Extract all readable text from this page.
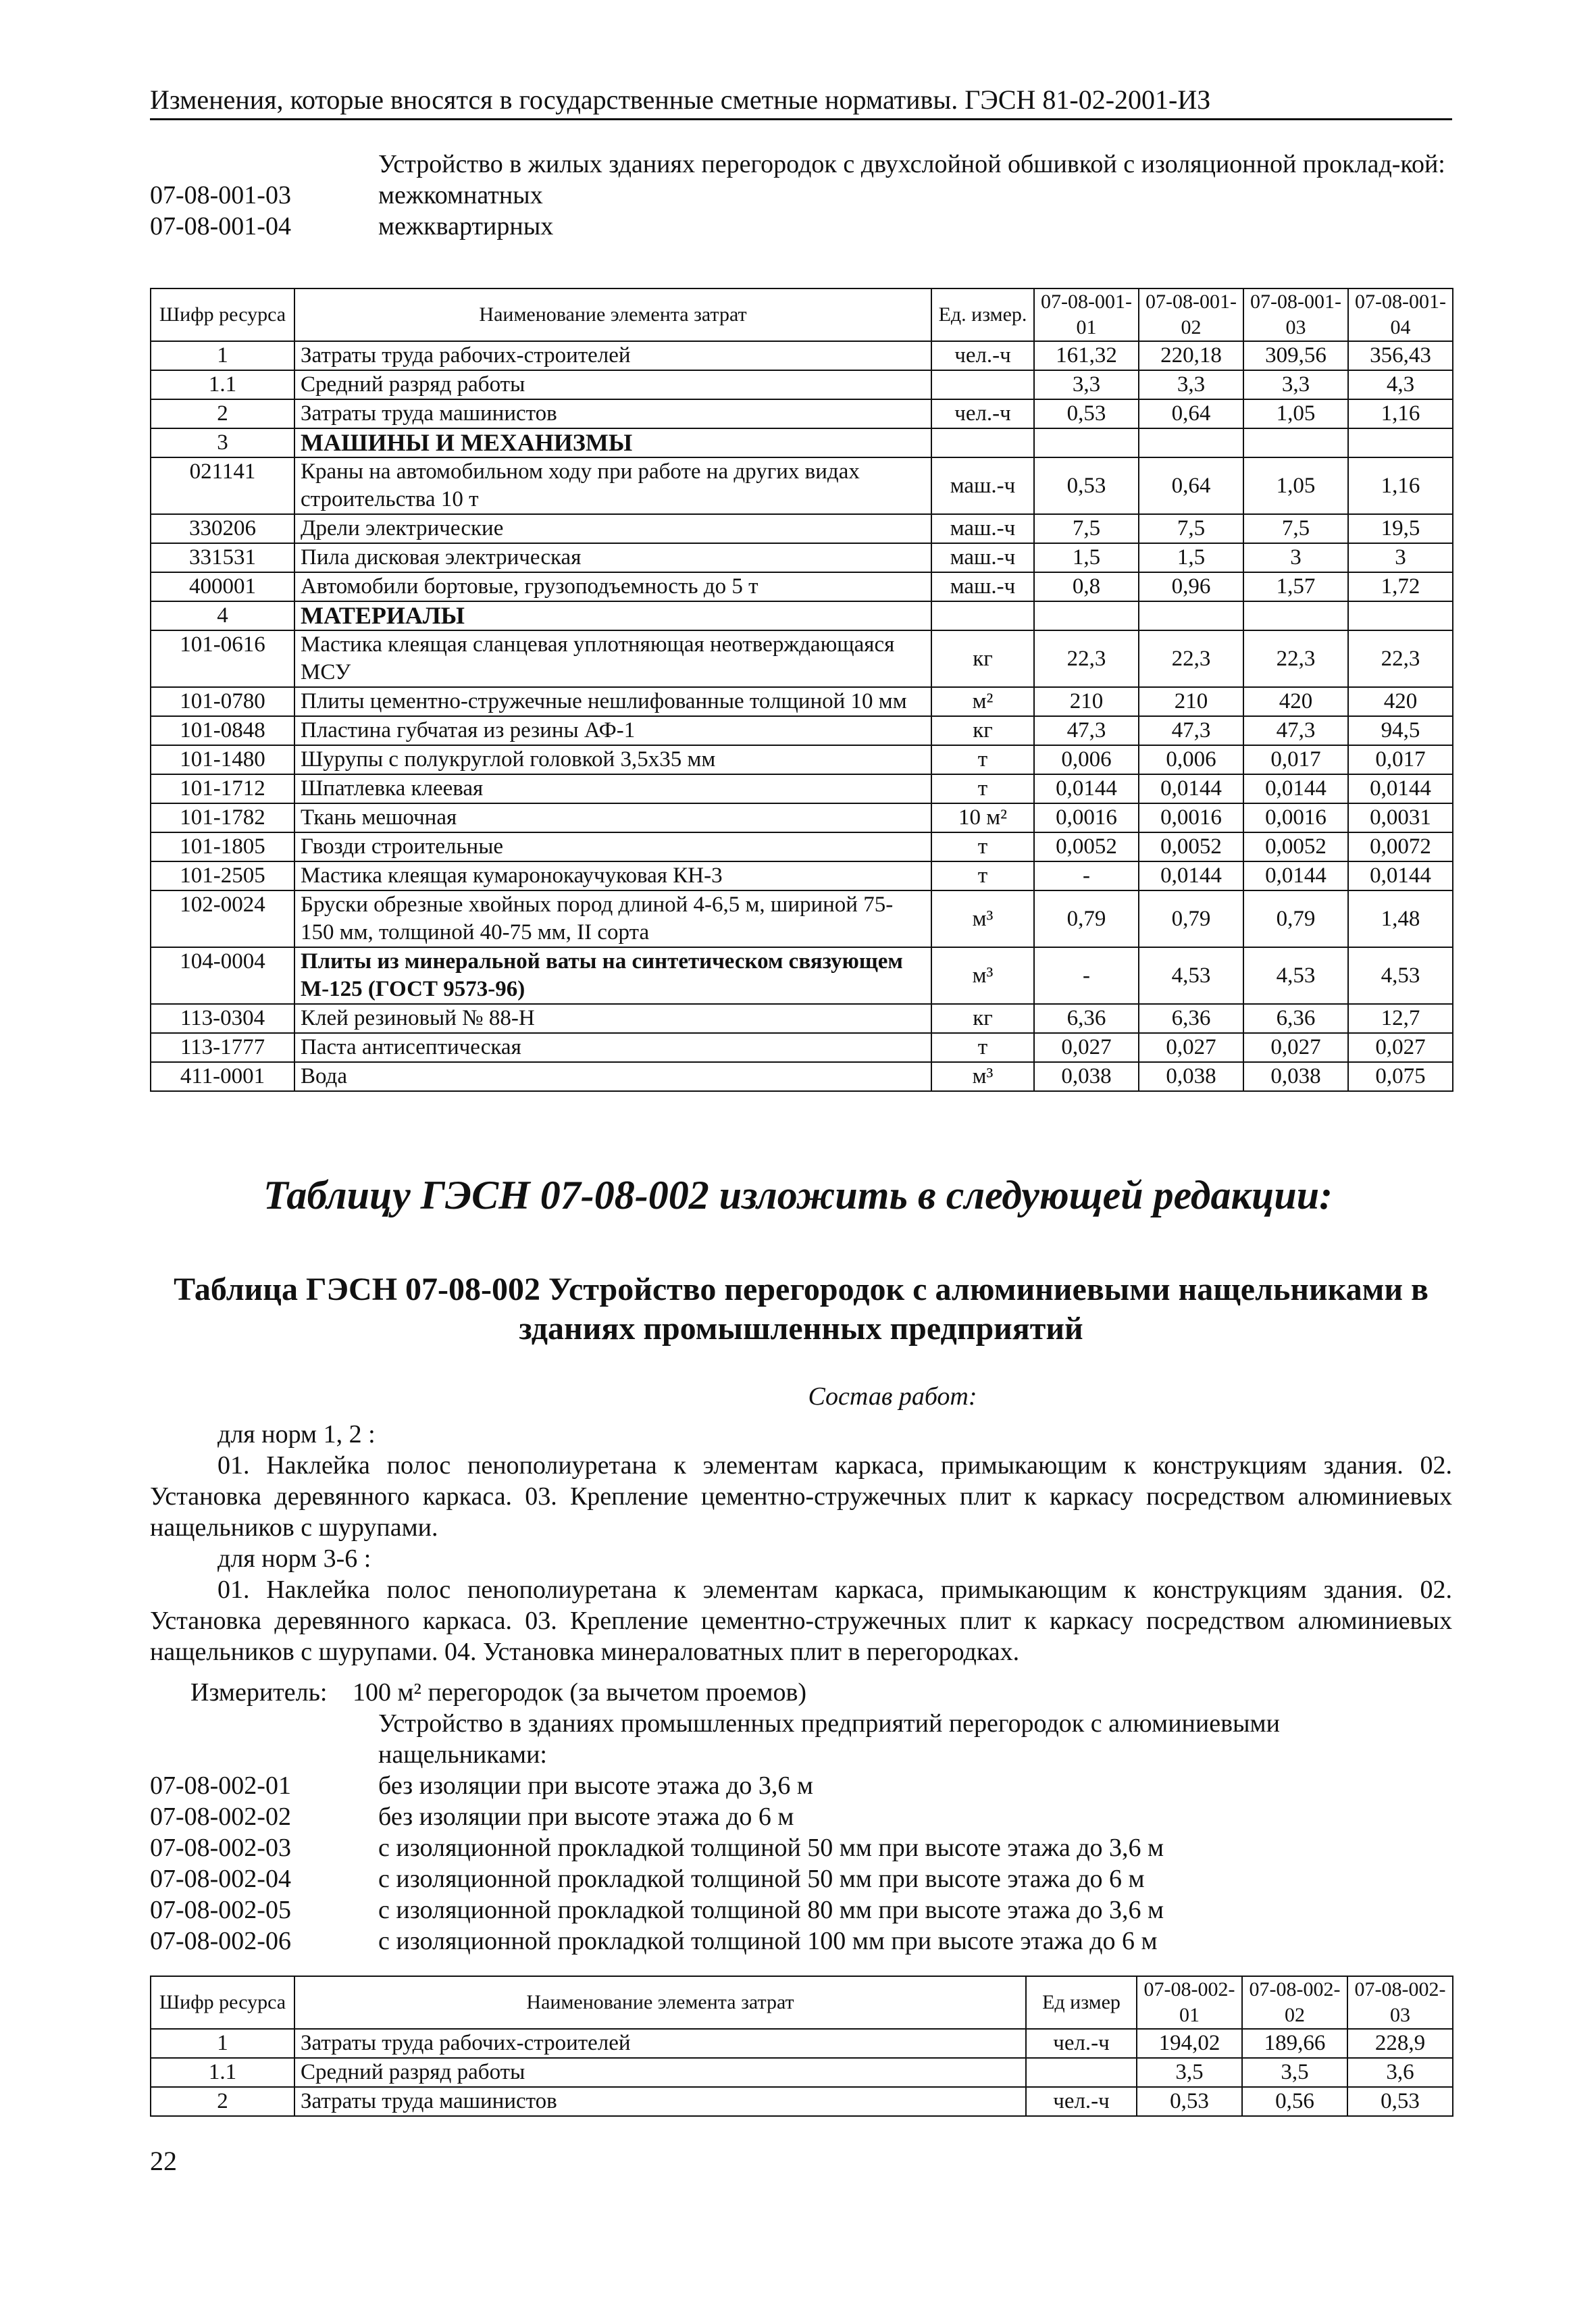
Изменения, которые вносятся в государственные сметные нормативы. ГЭСН 81-02-2001-ИЗ
Устройство в жилых зданиях перегородок с двухслойной обшивкой с изоляционной проклад-кой:
07-08-001-03	межкомнатных
07-08-001-04	межквартирных
Шифр ресурса	Наименование элемента затрат	Ед. измер.	07-08-001-01	07-08-001-02	07-08-001-03	07-08-001-04
1	Затраты труда рабочих-строителей	чел.-ч	161,32	220,18	309,56	356,43
1.1	Средний разряд работы		3,3	3,3	3,3	4,3
2	Затраты труда машинистов	чел.-ч	0,53	0,64	1,05	1,16
3	МАШИНЫ И МЕХАНИЗМЫ					
021141	Краны на автомобильном ходу при работе на других видах строительства 10 т	маш.-ч	0,53	0,64	1,05	1,16
330206	Дрели электрические	маш.-ч	7,5	7,5	7,5	19,5
331531	Пила дисковая электрическая	маш.-ч	1,5	1,5	3	3
400001	Автомобили бортовые, грузоподъемность до 5 т	маш.-ч	0,8	0,96	1,57	1,72
4	МАТЕРИАЛЫ					
101-0616	Мастика клеящая сланцевая уплотняющая неотверждающаяся МСУ	кг	22,3	22,3	22,3	22,3
101-0780	Плиты цементно-стружечные нешлифованные толщиной 10 мм	м²	210	210	420	420
101-0848	Пластина губчатая из резины АФ-1	кг	47,3	47,3	47,3	94,5
101-1480	Шурупы с полукруглой головкой 3,5х35 мм	т	0,006	0,006	0,017	0,017
101-1712	Шпатлевка клеевая	т	0,0144	0,0144	0,0144	0,0144
101-1782	Ткань мешочная	10 м²	0,0016	0,0016	0,0016	0,0031
101-1805	Гвозди строительные	т	0,0052	0,0052	0,0052	0,0072
101-2505	Мастика клеящая кумаронокаучуковая КН-3	т	-	0,0144	0,0144	0,0144
102-0024	Бруски обрезные хвойных пород длиной 4-6,5 м, шириной 75-150 мм, толщиной 40-75 мм, II сорта	м³	0,79	0,79	0,79	1,48
104-0004	Плиты из минеральной ваты на синтетическом связующем М-125 (ГОСТ 9573-96)	м³	-	4,53	4,53	4,53
113-0304	Клей резиновый № 88-Н	кг	6,36	6,36	6,36	12,7
113-1777	Паста антисептическая	т	0,027	0,027	0,027	0,027
411-0001	Вода	м³	0,038	0,038	0,038	0,075
Таблицу ГЭСН 07-08-002 изложить в следующей редакции:
Таблица ГЭСН 07-08-002 Устройство перегородок с алюминиевыми нащельниками в зданиях промышленных предприятий
Состав работ:
для норм 1, 2 :
01. Наклейка полос пенополиуретана к элементам каркаса, примыкающим к конструкциям здания. 02. Установка деревянного каркаса. 03. Крепление цементно-стружечных плит к каркасу посредством алюминиевых нащельников с шурупами.
для норм 3-6 :
01. Наклейка полос пенополиуретана к элементам каркаса, примыкающим к конструкциям здания. 02. Установка деревянного каркаса. 03. Крепление цементно-стружечных плит к каркасу посредством алюминиевых нащельников с шурупами. 04. Установка минераловатных плит в перегородках.
Измеритель: 100 м² перегородок (за вычетом проемов)
Устройство в зданиях промышленных предприятий перегородок с алюминиевыми нащельниками:
07-08-002-01	без изоляции при высоте этажа до 3,6 м
07-08-002-02	без изоляции при высоте этажа до 6 м
07-08-002-03	с изоляционной прокладкой толщиной 50 мм при высоте этажа до 3,6 м
07-08-002-04	с изоляционной прокладкой толщиной 50 мм при высоте этажа до 6 м
07-08-002-05	с изоляционной прокладкой толщиной 80 мм при высоте этажа до 3,6 м
07-08-002-06	с изоляционной прокладкой толщиной 100 мм при высоте этажа до 6 м
Шифр ресурса	Наименование элемента затрат	Ед измер	07-08-002-01	07-08-002-02	07-08-002-03
1	Затраты труда рабочих-строителей	чел.-ч	194,02	189,66	228,9
1.1	Средний разряд работы		3,5	3,5	3,6
2	Затраты труда машинистов	чел.-ч	0,53	0,56	0,53
22
